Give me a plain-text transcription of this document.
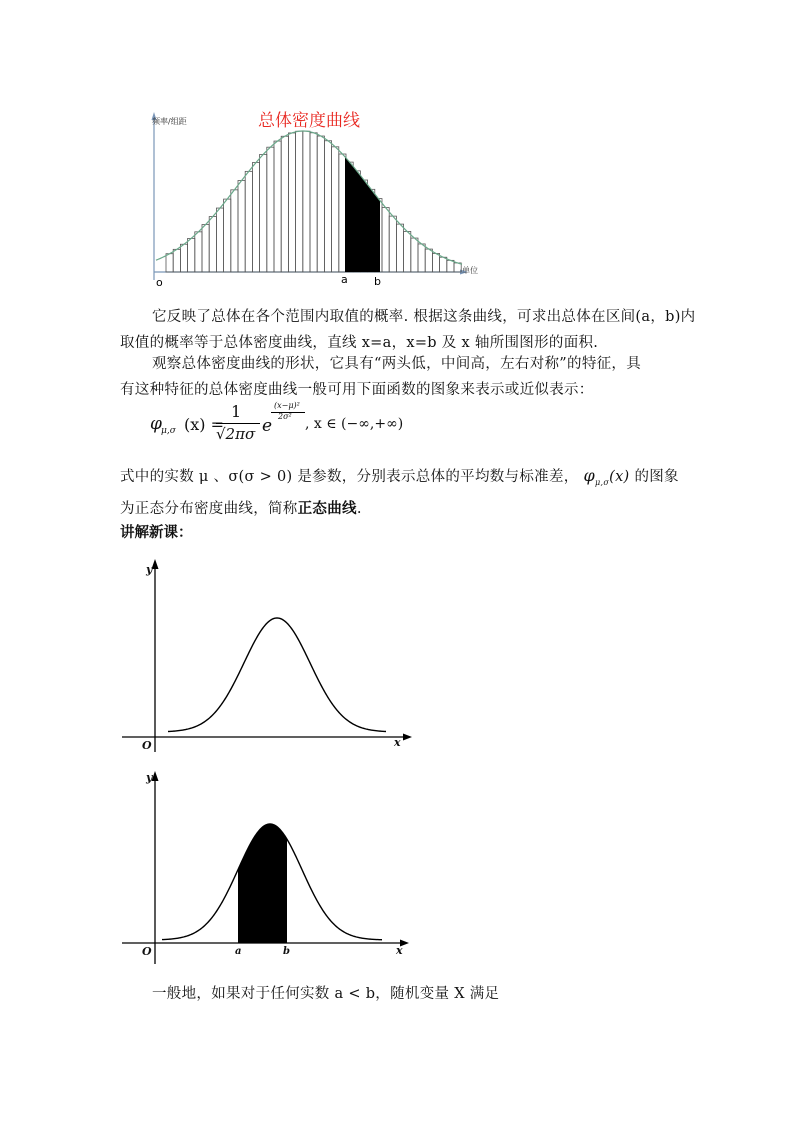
总体密度曲线
频率/组距
单位
o	a b
它反映了总体在各个范围内取值的概率. 根据这条曲线，可求出总体在区间(a，b)内
取值的概率等于总体密度曲线，直线 x=a，x=b 及 x 轴所围图形的面积.
观察总体密度曲线的形状，它具有“两头低，中间高，左右对称”的特征，具
有这种特征的总体密度曲线一般可用下面函数的图象来表示或近似表示：
φ μ,σ (x) =
1
√2πσ e
(x−μ)²
2σ² , x ∈ (−∞,+∞)
式中的实数 μ 、σ(σ > 0) 是参数，分别表示总体的平均数与标准差， $\varphi_{\mu,\sigma}(x)$ 的图象
为正态分布密度曲线，简称正态曲线.
讲解新课：
y
x
O
y
x
O	a	b
一般地，如果对于任何实数 a < b，随机变量 X 满足
